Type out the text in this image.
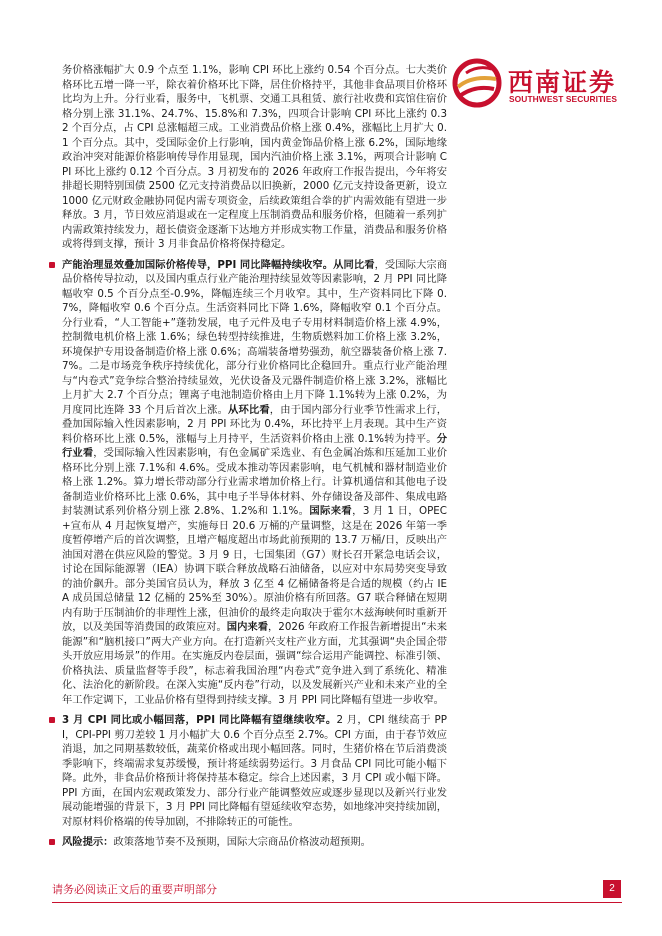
西南证券
SOUTHWEST SECURITIES

务价格涨幅扩大 0.9 个点至 1.1%，影响 CPI 环比上涨约 0.54 个百分点。七大类价格环比五增一降一平，除衣着价格环比下降，居住价格持平，其他非食品项目价格环比均为上升。分行业看，服务中，飞机票、交通工具租赁、旅行社收费和宾馆住宿价格分别上涨 31.1%、24.7%、15.8%和 7.3%，四项合计影响 CPI 环比上涨约 0.32 个百分点，占 CPI 总涨幅超三成。工业消费品价格上涨 0.4%，涨幅比上月扩大 0.1 个百分点。其中，受国际金价上行影响，国内黄金饰品价格上涨 6.2%，国际地缘政治冲突对能源价格影响传导作用显现，国内汽油价格上涨 3.1%，两项合计影响 CPI 环比上涨约 0.12 个百分点。3 月初发布的 2026 年政府工作报告提出，今年将安排超长期特别国债 2500 亿元支持消费品以旧换新，2000 亿元支持设备更新，设立 1000 亿元财政金融协同促内需专项资金，后续政策组合拳的扩内需效能有望进一步释放。3 月，节日效应消退或在一定程度上压制消费品和服务价格，但随着一系列扩内需政策持续发力，超长债资金逐渐下达地方并形成实物工作量，消费品和服务价格或将得到支撑，预计 3 月非食品价格将保持稳定。

产能治理显效叠加国际价格传导，PPI 同比降幅持续收窄。从同比看，受国际大宗商品价格传导拉动，以及国内重点行业产能治理持续显效等因素影响，2 月 PPI 同比降幅收窄 0.5 个百分点至-0.9%，降幅连续三个月收窄。其中，生产资料同比下降 0.7%，降幅收窄 0.6 个百分点。生活资料同比下降 1.6%，降幅收窄 0.1 个百分点。分行业看，“人工智能+”蓬勃发展，电子元件及电子专用材料制造价格上涨 4.9%，控制微电机价格上涨 1.6%；绿色转型持续推进，生物质燃料加工价格上涨 3.2%，环境保护专用设备制造价格上涨 0.6%；高端装备增势强劲，航空器装备价格上涨 7.7%。二是市场竞争秩序持续优化，部分行业价格同比企稳回升。重点行业产能治理与“内卷式”竞争综合整治持续显效，光伏设备及元器件制造价格上涨 3.2%，涨幅比上月扩大 2.7 个百分点；锂离子电池制造价格由上月下降 1.1%转为上涨 0.2%，为月度同比连降 33 个月后首次上涨。从环比看，由于国内部分行业季节性需求上行，叠加国际输入性因素影响，2 月 PPI 环比为 0.4%，环比持平上月表现。其中生产资料价格环比上涨 0.5%，涨幅与上月持平，生活资料价格由上涨 0.1%转为持平。分行业看，受国际输入性因素影响，有色金属矿采选业、有色金属冶炼和压延加工业价格环比分别上涨 7.1%和 4.6%。受成本推动等因素影响，电气机械和器材制造业价格上涨 1.2%。算力增长带动部分行业需求增加价格上行。计算机通信和其他电子设备制造业价格环比上涨 0.6%，其中电子半导体材料、外存储设备及部件、集成电路封装测试系列价格分别上涨 2.8%、1.2%和 1.1%。国际来看，3 月 1 日，OPEC+宣布从 4 月起恢复增产，实施每日 20.6 万桶的产量调整，这是在 2026 年第一季度暂停增产后的首次调整，且增产幅度超出市场此前预期的 13.7 万桶/日，反映出产油国对潜在供应风险的警觉。3 月 9 日，七国集团（G7）财长召开紧急电话会议，讨论在国际能源署（IEA）协调下联合释放战略石油储备，以应对中东局势突变导致的油价飙升。部分美国官员认为，释放 3 亿至 4 亿桶储备将是合适的规模（约占 IEA 成员国总储量 12 亿桶的 25%至 30%）。原油价格有所回落。G7 联合释储在短期内有助于压制油价的非理性上涨，但油价的最终走向取决于霍尔木兹海峡何时重新开放，以及美国等消费国的政策应对。国内来看，2026 年政府工作报告新增提出“未来能源”和“脑机接口”两大产业方向。在打造新兴支柱产业方面，尤其强调“央企国企带头开放应用场景”的作用。在实施反内卷层面，强调“综合运用产能调控、标准引领、价格执法、质量监督等手段”，标志着我国治理“内卷式”竞争进入到了系统化、精准化、法治化的新阶段。在深入实施“反内卷”行动，以及发展新兴产业和未来产业的全年工作定调下，工业品价格有望得到持续支撑。3 月 PPI 同比降幅有望进一步收窄。

3 月 CPI 同比或小幅回落，PPI 同比降幅有望继续收窄。2 月，CPI 继续高于 PPI，CPI-PPI 剪刀差较 1 月小幅扩大 0.6 个百分点至 2.7%。CPI 方面，由于春节效应消退，加之同期基数较低，蔬菜价格或出现小幅回落。同时，生猪价格在节后消费淡季影响下，终端需求复苏缓慢，预计将延续弱势运行。3 月食品 CPI 同比可能小幅下降。此外，非食品价格预计将保持基本稳定。综合上述因素，3 月 CPI 或小幅下降。PPI 方面，在国内宏观政策发力、部分行业产能调整效应或逐步显现以及新兴行业发展动能增强的背景下，3 月 PPI 同比降幅有望延续收窄态势，如地缘冲突持续加剧，对原材料价格端的传导加剧，不排除转正的可能性。

风险提示：政策落地节奏不及预期，国际大宗商品价格波动超预期。

请务必阅读正文后的重要声明部分	2
